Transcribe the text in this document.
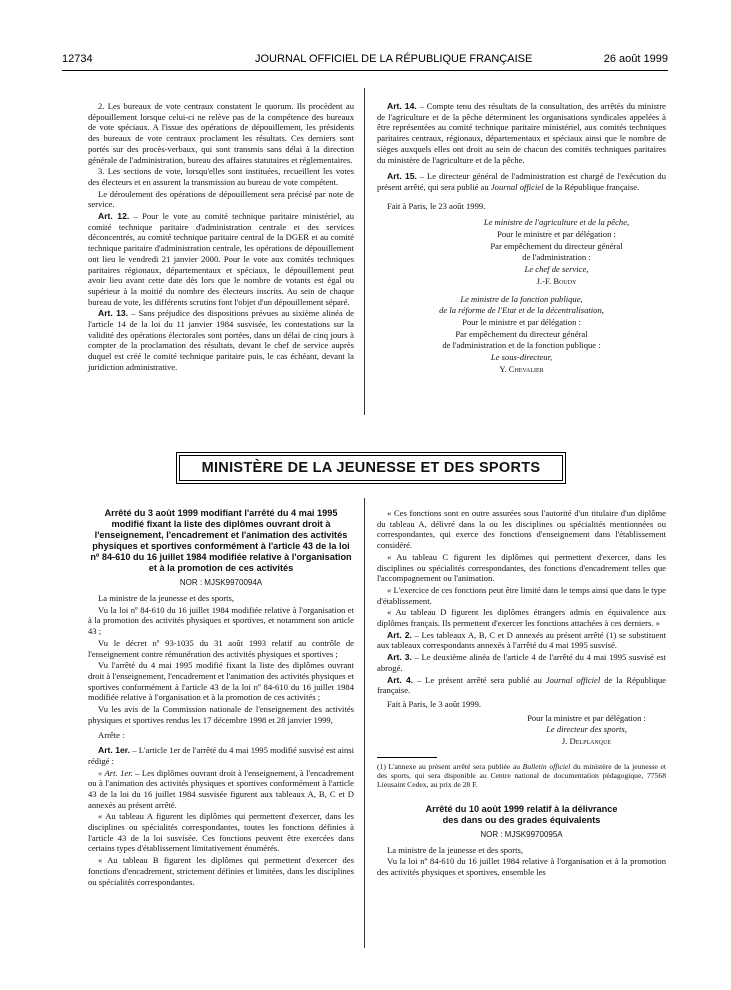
12734	JOURNAL OFFICIEL DE LA RÉPUBLIQUE FRANÇAISE	26 août 1999

2. Les bureaux de vote centraux constatent le quorum. Ils procèdent au dépouillement lorsque celui-ci ne relève pas de la compétence des bureaux de vote spéciaux. A l'issue des opérations de dépouillement, les présidents des bureaux de vote centraux proclament les résultats. Ces derniers sont portés sur des procès-verbaux, qui sont transmis sans délai à la direction générale de l'administration, bureau des affaires statutaires et réglementaires.

3. Les sections de vote, lorsqu'elles sont instituées, recueillent les votes des électeurs et en assurent la transmission au bureau de vote compétent.

Le déroulement des opérations de dépouillement sera précisé par note de service.

Art. 12. – Pour le vote au comité technique paritaire ministériel, au comité technique paritaire d'administration centrale et des services déconcentrés, au comité technique paritaire central de la DGER et au comité technique paritaire d'administration centrale, les opérations de dépouillement ont lieu le vendredi 21 janvier 2000. Pour le vote aux comités techniques paritaires régionaux, départementaux et spéciaux, le dépouillement peut avoir lieu avant cette date dès lors que le nombre de votants est égal ou supérieur à la moitié du nombre des électeurs inscrits. Au sein de chaque bureau de vote, les différents scrutins font l'objet d'un dépouillement séparé.

Art. 13. – Sans préjudice des dispositions prévues au sixième alinéa de l'article 14 de la loi du 11 janvier 1984 susvisée, les contestations sur la validité des opérations électorales sont portées, dans un délai de cinq jours à compter de la proclamation des résultats, devant le chef de service auprès duquel est créé le comité technique paritaire puis, le cas échéant, devant la juridiction administrative.

Art. 14. – Compte tenu des résultats de la consultation, des arrêtés du ministre de l'agriculture et de la pêche déterminent les organisations syndicales appelées à être représentées au comité technique paritaire ministériel, aux comités techniques paritaires centraux, régionaux, départementaux et spéciaux ainsi que le nombre de sièges auxquels elles ont droit au sein de chacun des comités techniques paritaires du ministère de l'agriculture et de la pêche.

Art. 15. – Le directeur général de l'administration est chargé de l'exécution du présent arrêté, qui sera publié au Journal officiel de la République française.

Fait à Paris, le 23 août 1999.

Le ministre de l'agriculture et de la pêche,

Pour le ministre et par délégation :

Par empêchement du directeur général

de l'administration :

Le chef de service,

J.-F. Boudy

Le ministre de la fonction publique,

de la réforme de l'Etat et de la décentralisation,

Pour le ministre et par délégation :

Par empêchement du directeur général

de l'administration et de la fonction publique :

Le sous-directeur,

Y. Chevalier

MINISTÈRE DE LA JEUNESSE ET DES SPORTS

Arrêté du 3 août 1999 modifiant l'arrêté du 4 mai 1995 modifié fixant la liste des diplômes ouvrant droit à l'enseignement, l'encadrement et l'animation des activités physiques et sportives conformément à l'article 43 de la loi nº 84-610 du 16 juillet 1984 modifiée relative à l'organisation et à la promotion de ces activités

NOR : MJSK9970094A

La ministre de la jeunesse et des sports,

Vu la loi nº 84-610 du 16 juillet 1984 modifiée relative à l'organisation et à la promotion des activités physiques et sportives, et notamment son article 43 ;

Vu le décret nº 93-1035 du 31 août 1993 relatif au contrôle de l'enseignement contre rémunération des activités physiques et sportives ;

Vu l'arrêté du 4 mai 1995 modifié fixant la liste des diplômes ouvrant droit à l'enseignement, l'encadrement et l'animation des activités physiques et sportives conformément à l'article 43 de la loi nº 84-610 du 16 juillet 1984 modifiée relative à l'organisation et à la promotion de ces activités ;

Vu les avis de la Commission nationale de l'enseignement des activités physiques et sportives rendus les 17 décembre 1998 et 28 janvier 1999,

Arrête :

Art. 1er. – L'article 1er de l'arrêté du 4 mai 1995 modifié susvisé est ainsi rédigé :

« Art. 1er. – Les diplômes ouvrant droit à l'enseignement, à l'encadrement ou à l'animation des activités physiques et sportives conformément à l'article 43 de la loi du 16 juillet 1984 susvisée figurent aux tableaux A, B, C et D annexés au présent arrêté.

« Au tableau A figurent les diplômes qui permettent d'exercer, dans les disciplines ou spécialités correspondantes, toutes les fonctions définies à l'article 43 de la loi susvisée. Ces fonctions peuvent être exercées dans certains types d'établissement limitativement énumérés.

« Au tableau B figurent les diplômes qui permettent d'exercer des fonctions d'encadrement, strictement définies et limitées, dans les disciplines ou spécialités correspondantes.

« Ces fonctions sont en outre assurées sous l'autorité d'un titulaire d'un diplôme du tableau A, délivré dans la ou les disciplines ou spécialités mentionnées ou correspondantes, qui exerce des fonctions d'enseignement dans l'établissement considéré.

« Au tableau C figurent les diplômes qui permettent d'exercer, dans les disciplines ou spécialités correspondantes, des fonctions d'encadrement telles que l'accompagnement ou l'animation.

« L'exercice de ces fonctions peut être limité dans le temps ainsi que dans le type d'établissement.

« Au tableau D figurent les diplômes étrangers admis en équivalence aux diplômes français. Ils permettent d'exercer les fonctions attachées à ces derniers. »

Art. 2. – Les tableaux A, B, C et D annexés au présent arrêté (1) se substituent aux tableaux correspondants annexés à l'arrêté du 4 mai 1995 susvisé.

Art. 3. – Le deuxième alinéa de l'article 4 de l'arrêté du 4 mai 1995 susvisé est abrogé.

Art. 4. – Le présent arrêté sera publié au Journal officiel de la République française.

Fait à Paris, le 3 août 1999.

Pour la ministre et par délégation :

Le directeur des sports,

J. Delplanque

(1) L'annexe au présent arrêté sera publiée au Bulletin officiel du ministère de la jeunesse et des sports, qui sera disponible au Centre national de documentation pédagogique, 77568 Lieusaint Cedex, au prix de 28 F.

Arrêté du 10 août 1999 relatif à la délivrance des dans ou des grades équivalents

NOR : MJSK9970095A

La ministre de la jeunesse et des sports,

Vu la loi nº 84-610 du 16 juillet 1984 relative à l'organisation et à la promotion des activités physiques et sportives, ensemble les
